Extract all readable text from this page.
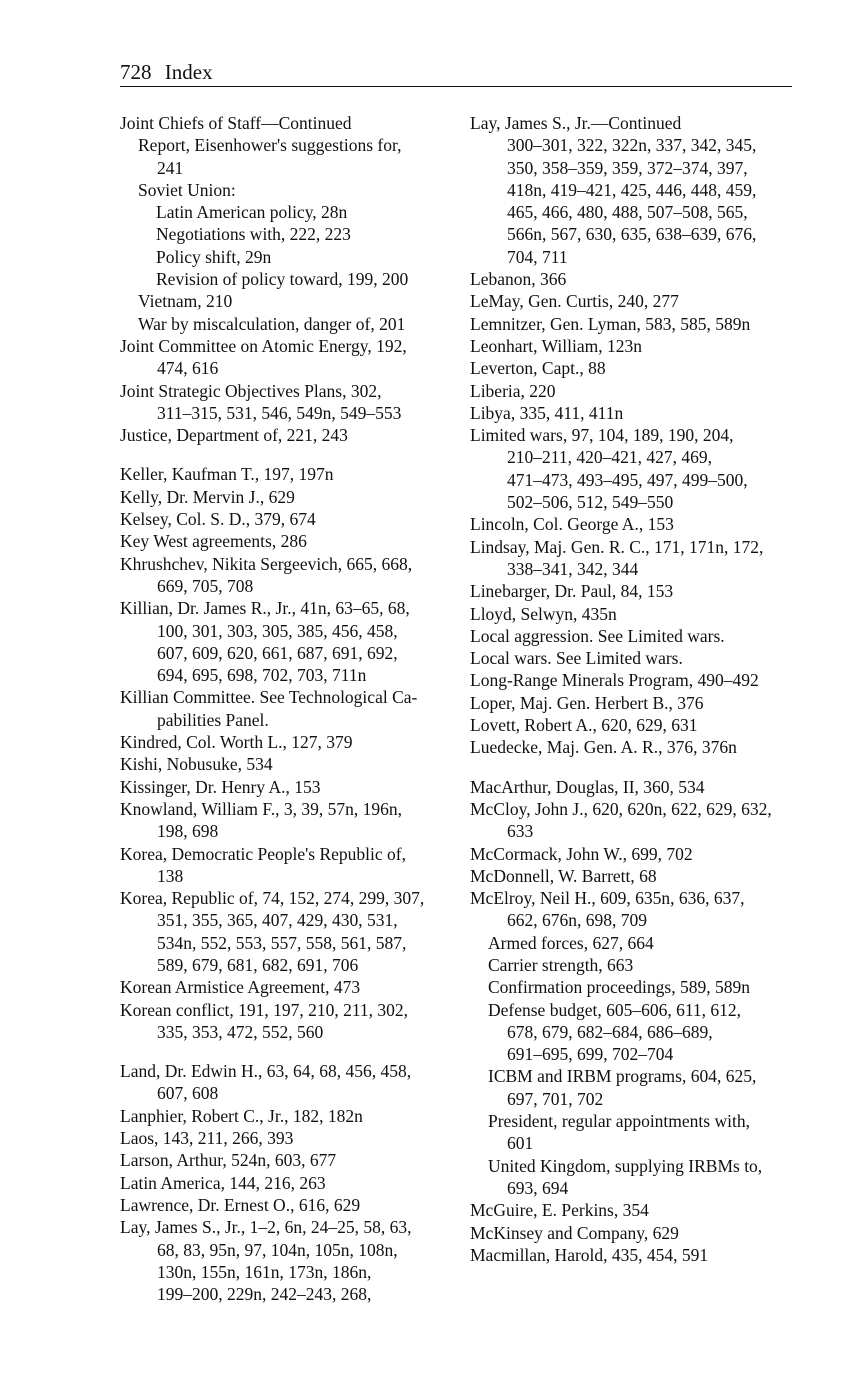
728 Index
Joint Chiefs of Staff—Continued
Report, Eisenhower's suggestions for,
241
Soviet Union:
Latin American policy, 28n
Negotiations with, 222, 223
Policy shift, 29n
Revision of policy toward, 199, 200
Vietnam, 210
War by miscalculation, danger of, 201
Joint Committee on Atomic Energy, 192,
474, 616
Joint Strategic Objectives Plans, 302,
311–315, 531, 546, 549n, 549–553
Justice, Department of, 221, 243
Keller, Kaufman T., 197, 197n
Kelly, Dr. Mervin J., 629
Kelsey, Col. S. D., 379, 674
Key West agreements, 286
Khrushchev, Nikita Sergeevich, 665, 668,
669, 705, 708
Killian, Dr. James R., Jr., 41n, 63–65, 68,
100, 301, 303, 305, 385, 456, 458,
607, 609, 620, 661, 687, 691, 692,
694, 695, 698, 702, 703, 711n
Killian Committee. See Technological Ca-
pabilities Panel.
Kindred, Col. Worth L., 127, 379
Kishi, Nobusuke, 534
Kissinger, Dr. Henry A., 153
Knowland, William F., 3, 39, 57n, 196n,
198, 698
Korea, Democratic People's Republic of,
138
Korea, Republic of, 74, 152, 274, 299, 307,
351, 355, 365, 407, 429, 430, 531,
534n, 552, 553, 557, 558, 561, 587,
589, 679, 681, 682, 691, 706
Korean Armistice Agreement, 473
Korean conflict, 191, 197, 210, 211, 302,
335, 353, 472, 552, 560
Land, Dr. Edwin H., 63, 64, 68, 456, 458,
607, 608
Lanphier, Robert C., Jr., 182, 182n
Laos, 143, 211, 266, 393
Larson, Arthur, 524n, 603, 677
Latin America, 144, 216, 263
Lawrence, Dr. Ernest O., 616, 629
Lay, James S., Jr., 1–2, 6n, 24–25, 58, 63,
68, 83, 95n, 97, 104n, 105n, 108n,
130n, 155n, 161n, 173n, 186n,
199–200, 229n, 242–243, 268,
Lay, James S., Jr.—Continued
300–301, 322, 322n, 337, 342, 345,
350, 358–359, 359, 372–374, 397,
418n, 419–421, 425, 446, 448, 459,
465, 466, 480, 488, 507–508, 565,
566n, 567, 630, 635, 638–639, 676,
704, 711
Lebanon, 366
LeMay, Gen. Curtis, 240, 277
Lemnitzer, Gen. Lyman, 583, 585, 589n
Leonhart, William, 123n
Leverton, Capt., 88
Liberia, 220
Libya, 335, 411, 411n
Limited wars, 97, 104, 189, 190, 204,
210–211, 420–421, 427, 469,
471–473, 493–495, 497, 499–500,
502–506, 512, 549–550
Lincoln, Col. George A., 153
Lindsay, Maj. Gen. R. C., 171, 171n, 172,
338–341, 342, 344
Linebarger, Dr. Paul, 84, 153
Lloyd, Selwyn, 435n
Local aggression. See Limited wars.
Local wars. See Limited wars.
Long-Range Minerals Program, 490–492
Loper, Maj. Gen. Herbert B., 376
Lovett, Robert A., 620, 629, 631
Luedecke, Maj. Gen. A. R., 376, 376n
MacArthur, Douglas, II, 360, 534
McCloy, John J., 620, 620n, 622, 629, 632,
633
McCormack, John W., 699, 702
McDonnell, W. Barrett, 68
McElroy, Neil H., 609, 635n, 636, 637,
662, 676n, 698, 709
Armed forces, 627, 664
Carrier strength, 663
Confirmation proceedings, 589, 589n
Defense budget, 605–606, 611, 612,
678, 679, 682–684, 686–689,
691–695, 699, 702–704
ICBM and IRBM programs, 604, 625,
697, 701, 702
President, regular appointments with,
601
United Kingdom, supplying IRBMs to,
693, 694
McGuire, E. Perkins, 354
McKinsey and Company, 629
Macmillan, Harold, 435, 454, 591
